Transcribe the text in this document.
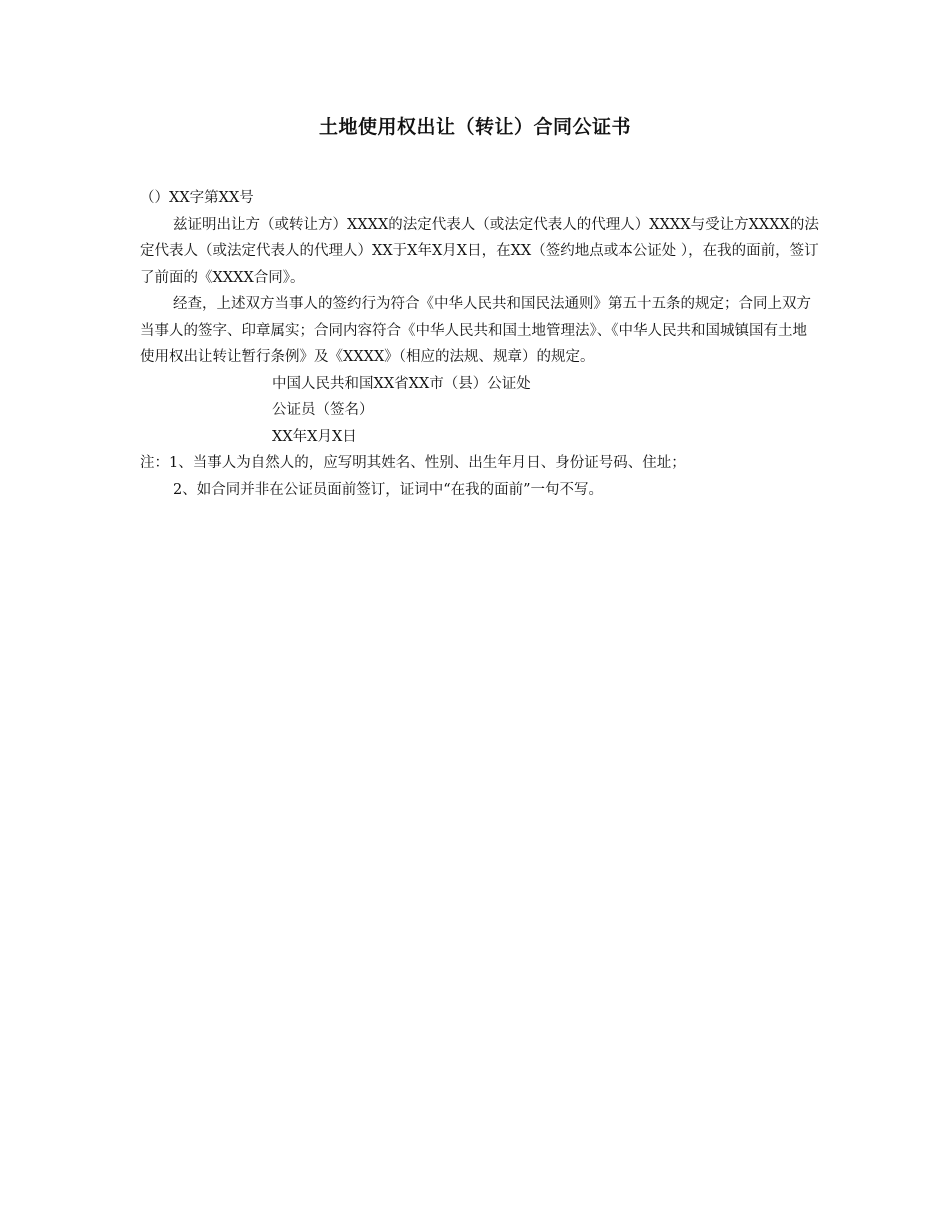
土地使用权出让（转让）合同公证书

（）XX字第XX号

兹证明出让方（或转让方）XXXX的法定代表人（或法定代表人的代理人）XXXX与受让方XXXX的法定代表人（或法定代表人的代理人）XX于X年X月X日，在XX（签约地点或本公证处 ），在我的面前，签订了前面的《XXXX合同》。

经查，上述双方当事人的签约行为符合《中华人民共和国民法通则》第五十五条的规定；合同上双方当事人的签字、印章属实；合同内容符合《中华人民共和国土地管理法》、《中华人民共和国城镇国有土地使用权出让转让暂行条例》及《XXXX》（相应的法规、规章）的规定。

中国人民共和国XX省XX市（县）公证处

公证员（签名）

XX年X月X日

注：1、当事人为自然人的，应写明其姓名、性别、出生年月日、身份证号码、住址；

2、如合同并非在公证员面前签订，证词中“在我的面前”一句不写。
